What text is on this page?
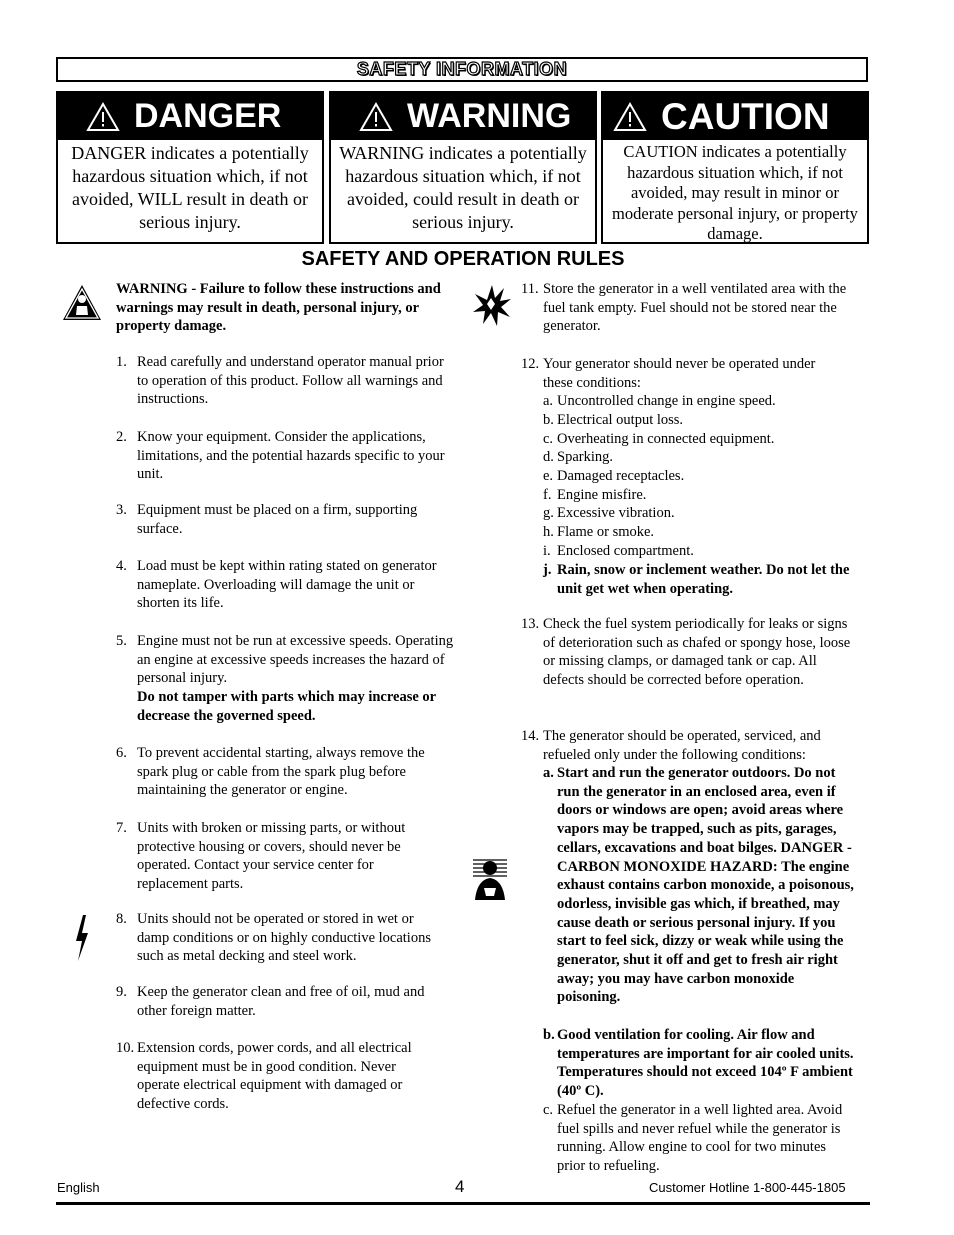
SAFETY INFORMATION
DANGER
DANGER indicates a potentially hazardous situation which, if not avoided, WILL result in death or serious injury.
WARNING
WARNING indicates a potentially hazardous situation which, if not avoided, could result in death or serious injury.
CAUTION
CAUTION indicates a potentially hazardous situation which, if not avoided, may result in minor or moderate personal injury, or property damage.
SAFETY AND OPERATION RULES
WARNING - Failure to follow these instructions and warnings may result in death, personal injury, or property damage.
1. Read carefully and understand operator manual prior to operation of this product. Follow all warnings and instructions.
2. Know your equipment. Consider the applications, limitations, and the potential hazards specific to your unit.
3. Equipment must be placed on a firm, supporting surface.
4. Load must be kept within rating stated on generator nameplate. Overloading will damage the unit or shorten its life.
5. Engine must not be run at excessive speeds. Operating an engine at excessive speeds increases the hazard of personal injury.
Do not tamper with parts which may increase or decrease the governed speed.
6. To prevent accidental starting, always remove the spark plug or cable from the spark plug before maintaining the generator or engine.
7. Units with broken or missing parts, or without protective housing or covers, should never be operated. Contact your service center for replacement parts.
8. Units should not be operated or stored in wet or damp conditions or on highly conductive locations such as metal decking and steel work.
9. Keep the generator clean and free of oil, mud and other foreign matter.
10. Extension cords, power cords, and all electrical equipment must be in good condition. Never operate electrical equipment with damaged or defective cords.
11. Store the generator in a well ventilated area with the fuel tank empty. Fuel should not be stored near the generator.
12. Your generator should never be operated under these conditions:
a. Uncontrolled change in engine speed.
b. Electrical output loss.
c. Overheating in connected equipment.
d. Sparking.
e. Damaged receptacles.
f. Engine misfire.
g. Excessive vibration.
h. Flame or smoke.
i. Enclosed compartment.
j. Rain, snow or inclement weather. Do not let the unit get wet when operating.
13. Check the fuel system periodically for leaks or signs of deterioration such as chafed or spongy hose, loose or missing clamps, or damaged tank or cap. All defects should be corrected before operation.
14. The generator should be operated, serviced, and refueled only under the following conditions:
a. Start and run the generator outdoors. Do not run the generator in an enclosed area, even if doors or windows are open; avoid areas where vapors may be trapped, such as pits, garages, cellars, excavations and boat bilges. DANGER - CARBON MONOXIDE HAZARD: The engine exhaust contains carbon monoxide, a poisonous, odorless, invisible gas which, if breathed, may cause death or serious personal injury. If you start to feel sick, dizzy or weak while using the generator, shut it off and get to fresh air right away; you may have carbon monoxide poisoning.
b. Good ventilation for cooling. Air flow and temperatures are important for air cooled units. Temperatures should not exceed 104º F ambient (40º C).
c. Refuel the generator in a well lighted area. Avoid fuel spills and never refuel while the generator is running. Allow engine to cool for two minutes prior to refueling.
English	4	Customer Hotline 1-800-445-1805
